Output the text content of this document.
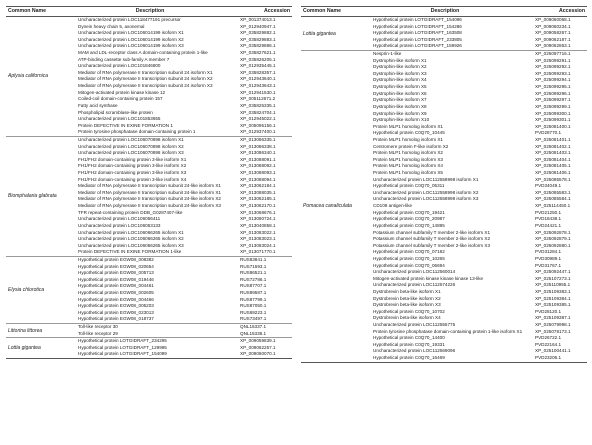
Common Name	Description	Accession
Aplysia californica
Uncharacterized protein LOC118477191 precursor	XP_001374013.1
Dynein heavy chain 5, axonemal	XP_012940947.1
Uncharacterized protein LOC106014199 isoform X1	XP_035829882.1
Uncharacterized protein LOC106014199 isoform X2	XP_035829883.1
Uncharacterized protein LOC106014199 isoform X3	XP_035829886.1
MAM and LDL-receptor class A domain-containing protein 1-like	XP_035827621.1
ATP-binding cassette sub-family A member 7	XP_035826205.1
Uncharacterized protein LOC101846800	XP_012935445.1
Mediator of RNA polymerase II transcription subunit 24 isoform X1	XP_035828357.1
Mediator of RNA polymerase II transcription subunit 24 isoform X2	XP_012943640.1
Mediator of RNA polymerase II transcription subunit 24 isoform X3	XP_012943643.1
Mitogen-activated protein kinase kinase 12	XP_012941530.1
Coiled-coil domain-containing protein 157	XP_005112671.2
Fatty acid synthase	XP_035825335.1
Phospholipid scramblase-like protein	XP_035824704.1
Uncharacterized protein LOC101853655	XP_012945022.1
Protein DEFECTIVE IN EXINE FORMATION 1	XP_005095156.1
Protein tyrosine phosphatase domain-containing protein 1	XP_012937400.1
Biomphalaria glabrata
Uncharacterized protein LOC106070898 isoform X1	XP_013086335.1
Uncharacterized protein LOC106070898 isoform X2	XP_013086338.1
Uncharacterized protein LOC106070898 isoform X3	XP_013086340.1
FH1/FH2 domain-containing protein 3-like isoform X1	XP_013088091.1
FH1/FH2 domain-containing protein 3-like isoform X2	XP_013088092.1
FH1/FH2 domain-containing protein 3-like isoform X3	XP_013088093.1
FH1/FH2 domain-containing protein 3-like isoform X4	XP_013088094.1
Mediator of RNA polymerase II transcription subunit 24-like isoform X1	XP_013062184.1
Mediator of RNA polymerase II transcription subunit 24-like isoform X1	XP_013088035.1
Mediator of RNA polymerase II transcription subunit 24-like isoform X2	XP_013062185.1
Mediator of RNA polymerase II transcription subunit 24-like isoform X3	XP_013062170.1
TFR repeat-containing protein DDB_G0287407-like	XP_013068676.1
Uncharacterized protein LOC106056411	XP_013060724.1
Uncharacterized protein LOC106053133	XP_013040858.1
Uncharacterized protein LOC106066265 isoform X1	XP_013083022.1
Uncharacterized protein LOC106066265 isoform X2	XP_013083023.1
Uncharacterized protein LOC106066265 isoform X3	XP_013083024.1
Protein DEFECTIVE IN EXINE FORMATION 1-like	XP_013071770.1
Elysia chlorotica
Hypothetical protein EGW08_008382	RUS83841.1
Hypothetical protein EGW08_020654	RUS71593.1
Hypothetical protein EGW08_005713	RUS86521.1
Hypothetical protein EGW08_019446	RUS72786.1
Hypothetical protein EGW08_004461	RUS87707.1
Hypothetical protein EGW08_002605	RUS89587.1
Hypothetical protein EGW08_004466	RUS87799.1
Hypothetical protein EGW08_005203	RUS87050.1
Hypothetical protein EGW08_023013	RUS69223.1
Hypothetical protein EGW08_018737	RUS73497.1
Littorina littorea
Toll-like receptor 30	QNL15337.1
Toll-like receptor 29	QNL15338.1
Lottia gigantea
Hypothetical protein LOTGIDRAFT_234295	XP_009059839.1
Hypothetical protein LOTGIDRAFT_129995	XP_009062257.1
Hypothetical protein LOTGIDRAFT_154099	XP_009060070.1
Common Name	Description	Accession
Lottia gigantea
Hypothetical protein LOTGIDRAFT_154096	XP_009060068.1
Hypothetical protein LOTGIDRAFT_154286	XP_009060234.1
Hypothetical protein LOTGIDRAFT_163508	XP_009058267.1
Hypothetical protein LOTGIDRAFT_233805	XP_009062187.1
Hypothetical protein LOTGIDRAFT_159926	XP_009062863.1
Pomacea canaliculata
Nesprin-1-like	XP_025097716.1
Dystrophin-like isoform X1	XP_025099291.1
Dystrophin-like isoform X2	XP_025099292.1
Dystrophin-like isoform X3	XP_025099293.1
Dystrophin-like isoform X4	XP_025099294.1
Dystrophin-like isoform X5	XP_025099295.1
Dystrophin-like isoform X6	XP_025099296.1
Dystrophin-like isoform X7	XP_025099297.1
Dystrophin-like isoform X8	XP_025099299.1
Dystrophin-like isoform X9	XP_025099300.1
Dystrophin-like isoform X10	XP_025099301.1
Protein MLP1 homolog isoform X1	XP_025081400.1
Hypothetical protein C0Q70_10445	PVD28770.1
Protein MLP1 homolog isoform X1	XP_025081401.1
Centromere protein F-like isoform X2	XP_025081402.1
Protein MLP1 homolog isoform X2	XP_025081403.1
Protein MLP1 homolog isoform X3	XP_025081404.1
Protein MLP1 homolog isoform X4	XP_025081405.1
Protein MLP1 homolog isoform X5	XP_025081406.1
Uncharacterized protein LOC112558998 isoform X1	XP_025085578.1
Hypothetical protein C0Q70_05311	PVD34049.1
Uncharacterized protein LOC112558998 isoform X2	XP_025085583.1
Uncharacterized protein LOC112558998 isoform X3	XP_025085584.1
CD109 antigen-like	XP_025114450.1
Hypothetical protein C0Q70_19421	PVD21250.1
Hypothetical protein C0Q70_20987	PVD18438.1
Hypothetical protein C0Q70_14895	PVD24421.1
Potassium channel subfamily T member 2-like isoform X1	XP_025092878.1
Potassium channel subfamily T member 2-like isoform X2	XP_025092879.1
Potassium channel subfamily T member 2-like isoform X3	XP_025092880.1
Hypothetical protein C0Q70_07182	PVD31284.1
Hypothetical protein C0Q70_10265	PVD30989.1
Hypothetical protein C0Q70_06694	PVD31767.1
Uncharacterized protein LOC112560014	XP_025092447.1
Mitogen-activated protein kinase kinase kinase 13-like	XP_025107273.1
Uncharacterized protein LOC112574226	XP_025110955.1
Dystrobrevin beta-like isoform X1	XP_025109383.1
Dystrobrevin beta-like isoform X2	XP_025109384.1
Dystrobrevin beta-like isoform X3	XP_025109385.1
Hypothetical protein C0Q70_10702	PVD28120.1
Dystrobrevin beta-like isoform X4	XP_025109387.1
Uncharacterized protein LOC112555775	XP_025079998.1
Protein tyrosine phosphatase domain-containing protein 1-like isoform X1	XP_025078173.1
Hypothetical protein C0Q70_14400	PVD26722.1
Hypothetical protein C0Q70_19331	PVD22164.1
Uncharacterized protein LOC112569096	XP_025100441.1
Hypothetical protein C0Q70_16469	PVD23206.1
